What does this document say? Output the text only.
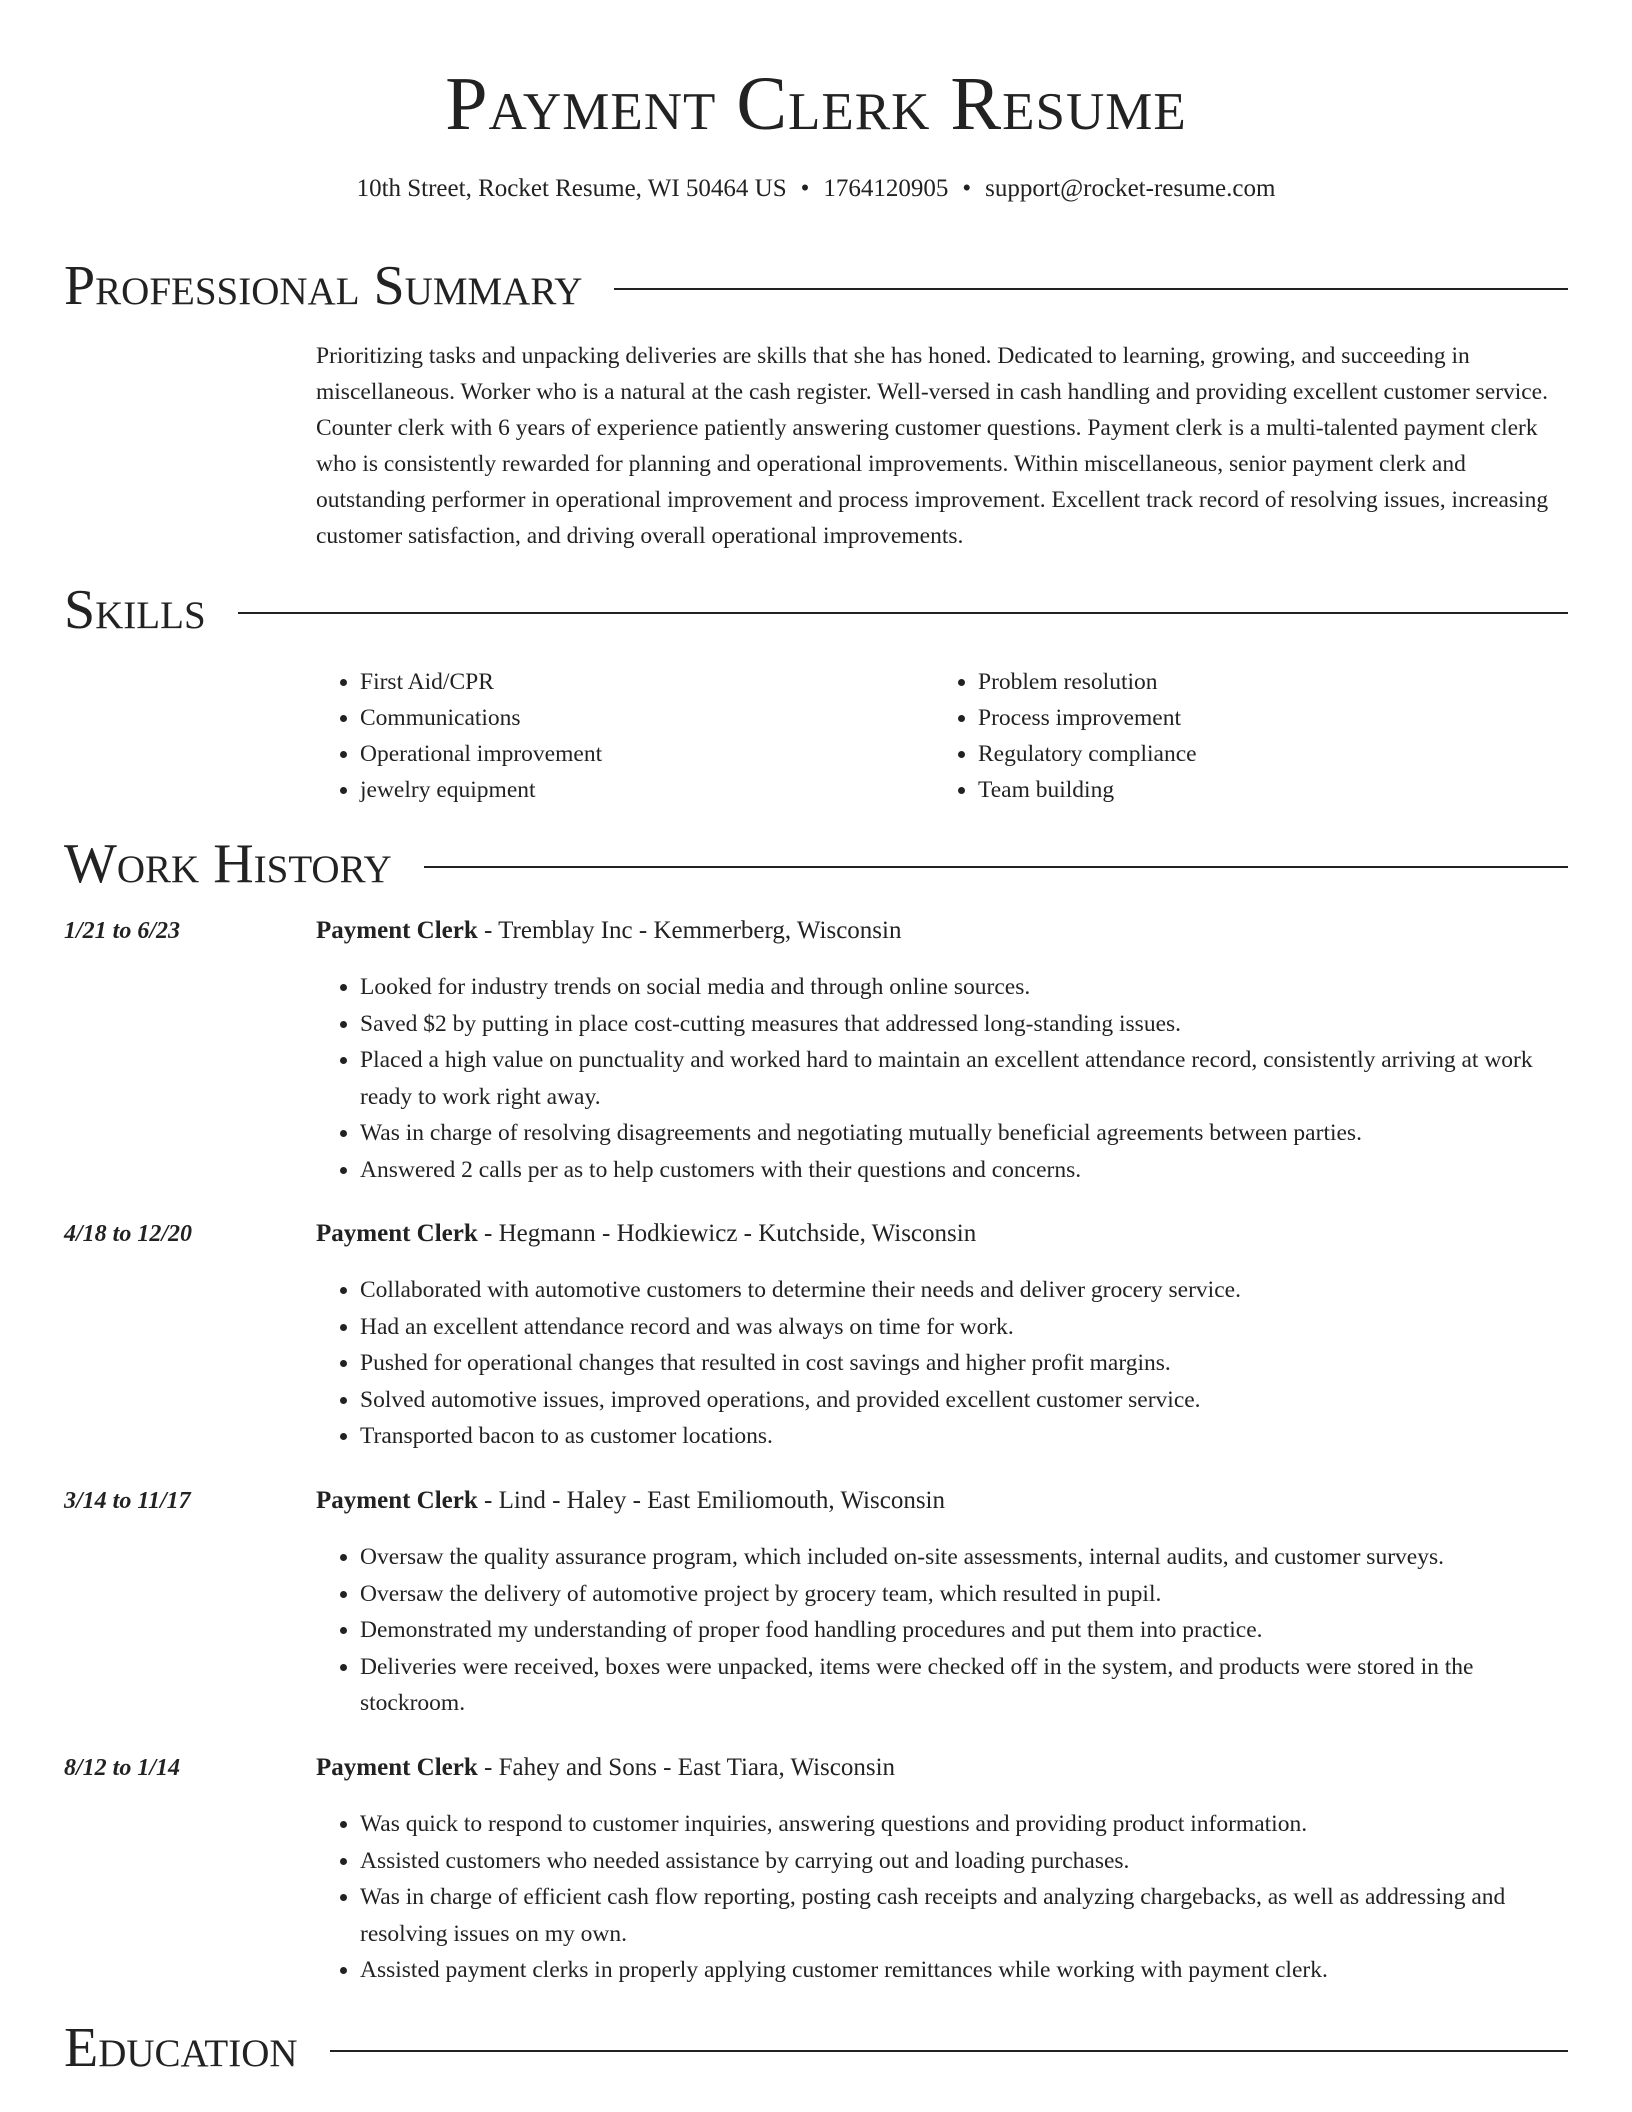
Payment Clerk Resume
10th Street, Rocket Resume, WI 50464 US • 1764120905 • support@rocket-resume.com
Professional Summary

Prioritizing tasks and unpacking deliveries are skills that she has honed. Dedicated to learning, growing, and succeeding in miscellaneous. Worker who is a natural at the cash register. Well-versed in cash handling and providing excellent customer service. Counter clerk with 6 years of experience patiently answering customer questions. Payment clerk is a multi-talented payment clerk who is consistently rewarded for planning and operational improvements. Within miscellaneous, senior payment clerk and outstanding performer in operational improvement and process improvement. Excellent track record of resolving issues, increasing customer satisfaction, and driving overall operational improvements.

Skills
• First Aid/CPR
• Communications
• Operational improvement
• jewelry equipment
• Problem resolution
• Process improvement
• Regulatory compliance
• Team building
Work History
1/21 to 6/23	Payment Clerk - Tremblay Inc - Kemmerberg, Wisconsin
• Looked for industry trends on social media and through online sources.
• Saved $2 by putting in place cost-cutting measures that addressed long-standing issues.
• Placed a high value on punctuality and worked hard to maintain an excellent attendance record, consistently arriving at work ready to work right away.
• Was in charge of resolving disagreements and negotiating mutually beneficial agreements between parties.
• Answered 2 calls per as to help customers with their questions and concerns.
4/18 to 12/20	Payment Clerk - Hegmann - Hodkiewicz - Kutchside, Wisconsin
• Collaborated with automotive customers to determine their needs and deliver grocery service.
• Had an excellent attendance record and was always on time for work.
• Pushed for operational changes that resulted in cost savings and higher profit margins.
• Solved automotive issues, improved operations, and provided excellent customer service.
• Transported bacon to as customer locations.
3/14 to 11/17	Payment Clerk - Lind - Haley - East Emiliomouth, Wisconsin
• Oversaw the quality assurance program, which included on-site assessments, internal audits, and customer surveys.
• Oversaw the delivery of automotive project by grocery team, which resulted in pupil.
• Demonstrated my understanding of proper food handling procedures and put them into practice.
• Deliveries were received, boxes were unpacked, items were checked off in the system, and products were stored in the stockroom.
8/12 to 1/14	Payment Clerk - Fahey and Sons - East Tiara, Wisconsin
• Was quick to respond to customer inquiries, answering questions and providing product information.
• Assisted customers who needed assistance by carrying out and loading purchases.
• Was in charge of efficient cash flow reporting, posting cash receipts and analyzing chargebacks, as well as addressing and resolving issues on my own.
• Assisted payment clerks in properly applying customer remittances while working with payment clerk.
Education
